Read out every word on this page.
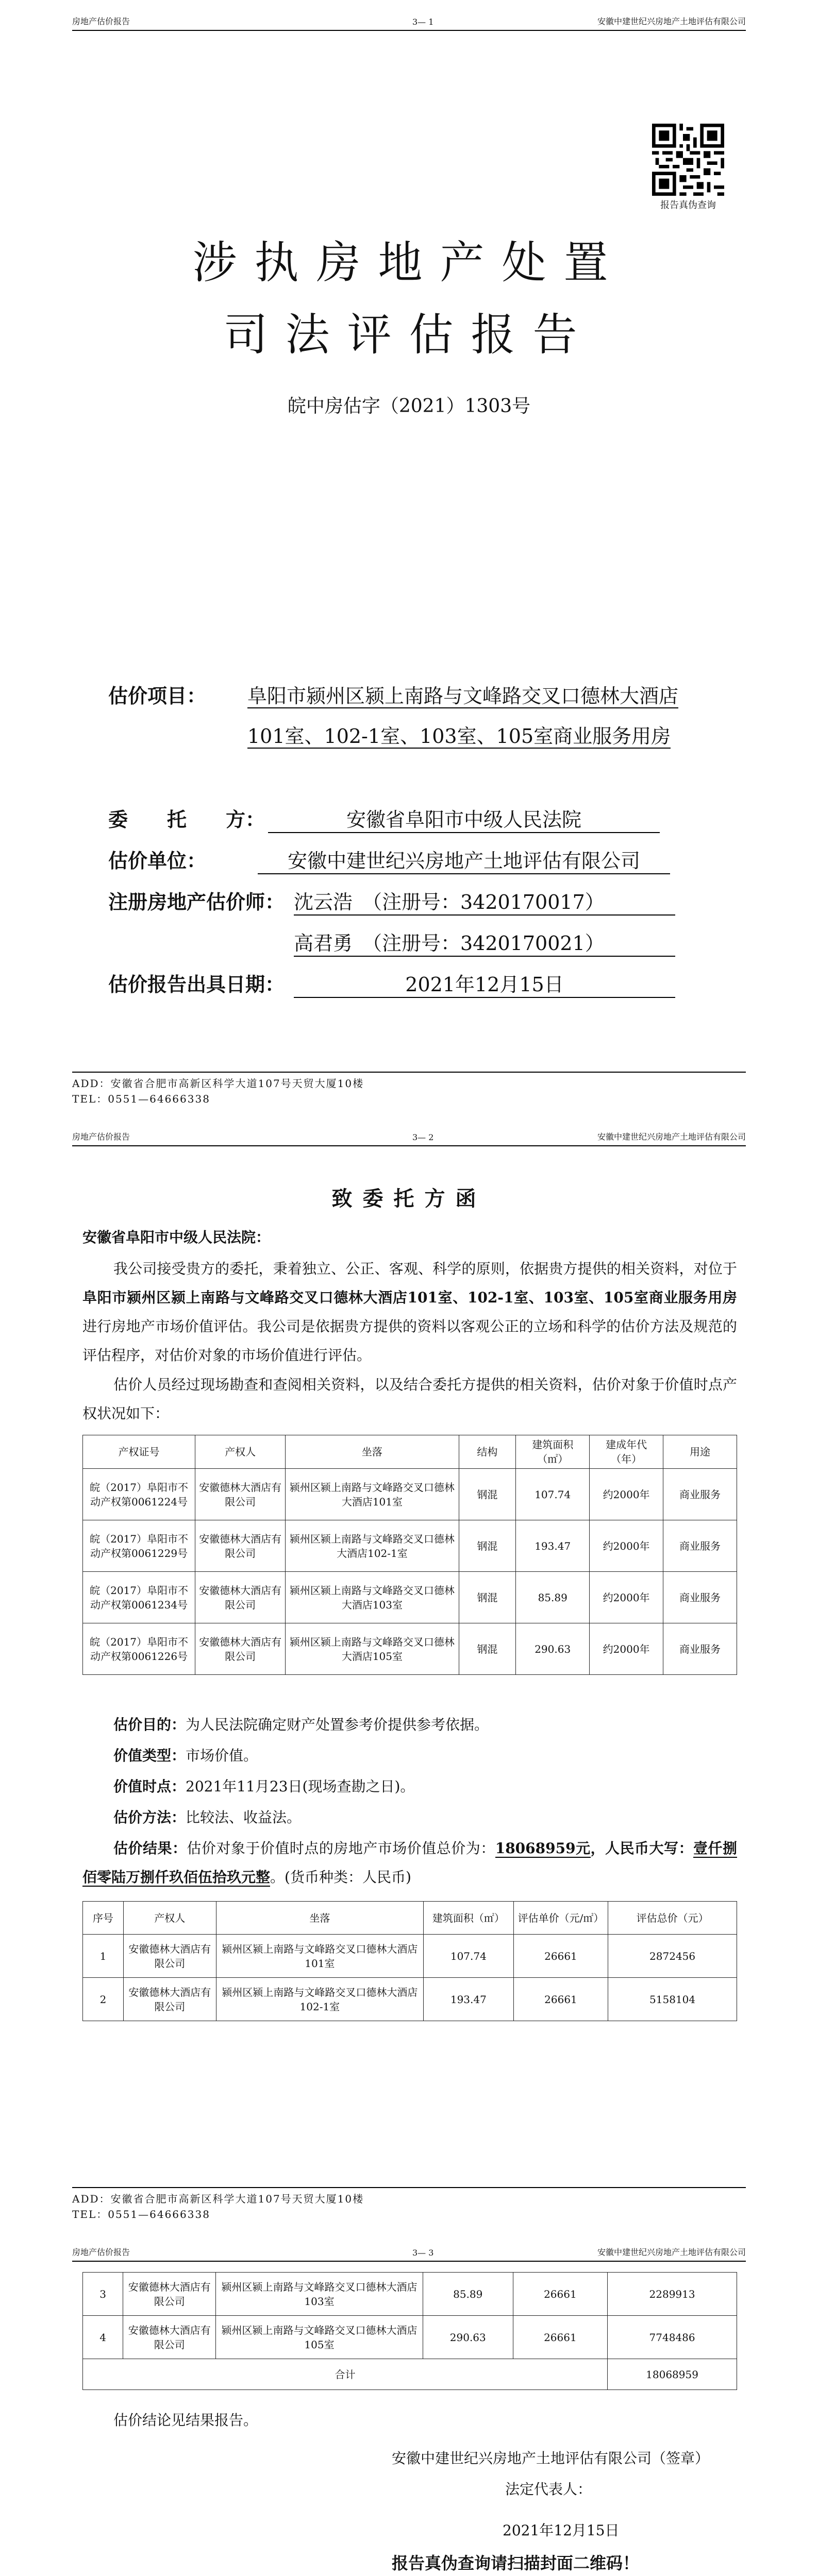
房地产估价报告	3— 1	安徽中建世纪兴房地产土地评估有限公司
报告真伪查询
涉执房地产处置
司法评估报告
皖中房估字（2021）1303号
估价项目： 阜阳市颍州区颍上南路与文峰路交叉口德林大酒店101室、102-1室、103室、105室商业服务用房
委　　托　　方：	安徽省阜阳市中级人民法院
估价单位：	安徽中建世纪兴房地产土地评估有限公司
注册房地产估价师： 沈云浩　（注册号：3420170017）
高君勇　（注册号：3420170021）
估价报告出具日期：	2021年12月15日
ADD：安徽省合肥市高新区科学大道107号天贸大厦10楼
TEL：0551—64666338
房地产估价报告	3— 2	安徽中建世纪兴房地产土地评估有限公司
致委托方函
安徽省阜阳市中级人民法院：
我公司接受贵方的委托，秉着独立、公正、客观、科学的原则，依据贵方提供的相关资料，对位于阜阳市颍州区颍上南路与文峰路交叉口德林大酒店101室、102-1室、103室、105室商业服务用房进行房地产市场价值评估。我公司是依据贵方提供的资料以客观公正的立场和科学的估价方法及规范的评估程序，对估价对象的市场价值进行评估。
估价人员经过现场勘查和查阅相关资料，以及结合委托方提供的相关资料，估价对象于价值时点产权状况如下：
产权证号	产权人	坐落	结构	建筑面积（㎡）	建成年代（年）	用途
皖（2017）阜阳市不动产权第0061224号	安徽德林大酒店有限公司	颍州区颍上南路与文峰路交叉口德林大酒店101室	钢混	107.74	约2000年	商业服务
皖（2017）阜阳市不动产权第0061229号	安徽德林大酒店有限公司	颍州区颍上南路与文峰路交叉口德林大酒店102-1室	钢混	193.47	约2000年	商业服务
皖（2017）阜阳市不动产权第0061234号	安徽德林大酒店有限公司	颍州区颍上南路与文峰路交叉口德林大酒店103室	钢混	85.89	约2000年	商业服务
皖（2017）阜阳市不动产权第0061226号	安徽德林大酒店有限公司	颍州区颍上南路与文峰路交叉口德林大酒店105室	钢混	290.63	约2000年	商业服务
估价目的：为人民法院确定财产处置参考价提供参考依据。
价值类型：市场价值。
价值时点：2021年11月23日(现场查勘之日)。
估价方法：比较法、收益法。
估价结果：估价对象于价值时点的房地产市场价值总价为：18068959元，人民币大写：壹仟捌佰零陆万捌仟玖佰伍拾玖元整。(货币种类：人民币)
序号	产权人	坐落	建筑面积（㎡）	评估单价（元/㎡）	评估总价（元）
1	安徽德林大酒店有限公司	颍州区颍上南路与文峰路交叉口德林大酒店101室	107.74	26661	2872456
2	安徽德林大酒店有限公司	颍州区颍上南路与文峰路交叉口德林大酒店102-1室	193.47	26661	5158104
ADD：安徽省合肥市高新区科学大道107号天贸大厦10楼
TEL：0551—64666338
房地产估价报告	3— 3	安徽中建世纪兴房地产土地评估有限公司
3	安徽德林大酒店有限公司	颍州区颍上南路与文峰路交叉口德林大酒店103室	85.89	26661	2289913
4	安徽德林大酒店有限公司	颍州区颍上南路与文峰路交叉口德林大酒店105室	290.63	26661	7748486
合计					18068959
估价结论见结果报告。
安徽中建世纪兴房地产土地评估有限公司（签章）
法定代表人：
2021年12月15日
报告真伪查询请扫描封面二维码！
